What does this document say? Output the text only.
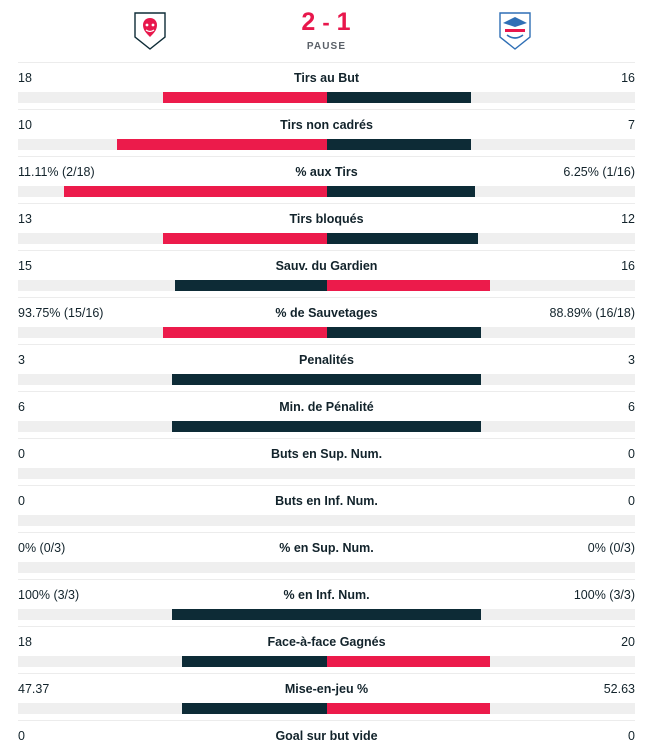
2 - 1
PAUSE
18	Tirs au But	16
10	Tirs non cadrés	7
11.11% (2/18)	% aux Tirs	6.25% (1/16)
13	Tirs bloqués	12
15	Sauv. du Gardien	16
93.75% (15/16)	% de Sauvetages	88.89% (16/18)
3	Penalités	3
6	Min. de Pénalité	6
0	Buts en Sup. Num.	0
0	Buts en Inf. Num.	0
0% (0/3)	% en Sup. Num.	0% (0/3)
100% (3/3)	% en Inf. Num.	100% (3/3)
18	Face-à-face Gagnés	20
47.37	Mise-en-jeu %	52.63
0	Goal sur but vide	0
